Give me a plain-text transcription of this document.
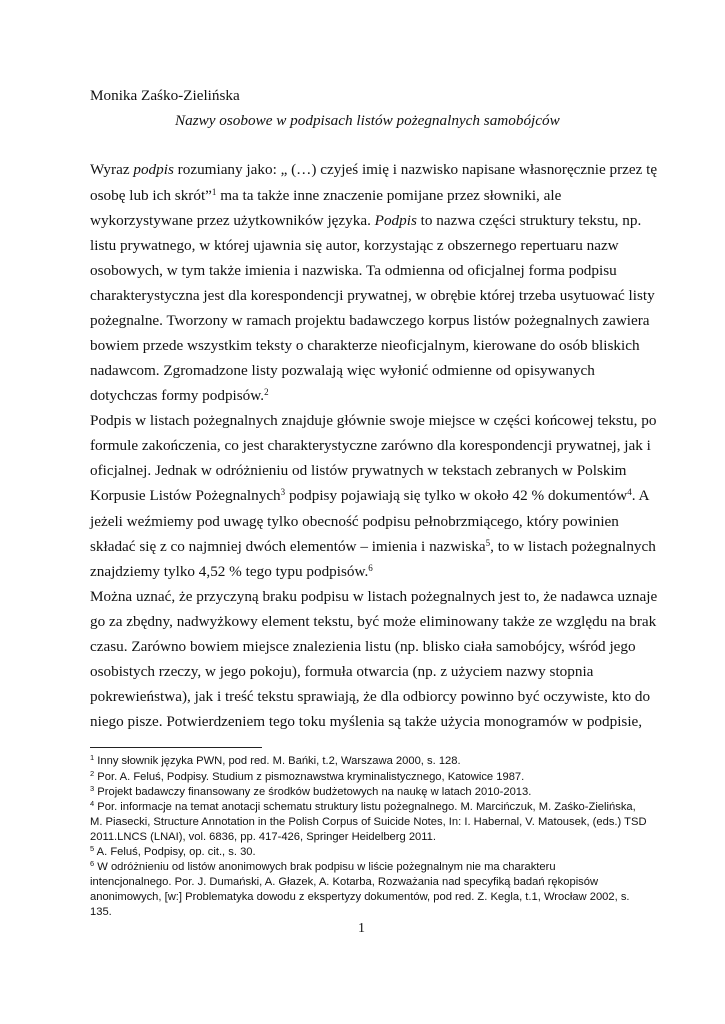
Monika Zaśko-Zielińska
Nazwy osobowe w podpisach listów pożegnalnych samobójców
Wyraz podpis rozumiany jako: „ (…) czyjeś imię i nazwisko napisane własnoręcznie przez tę
osobę lub ich skrót”$^1$ ma ta także inne znaczenie pomijane przez słowniki, ale
wykorzystywane przez użytkowników języka. Podpis to nazwa części struktury tekstu, np.
listu prywatnego, w której ujawnia się autor, korzystając z obszernego repertuaru nazw
osobowych, w tym także imienia i nazwiska. Ta odmienna od oficjalnej forma podpisu
charakterystyczna jest dla korespondencji prywatnej, w obrębie której trzeba usytuować listy
pożegnalne. Tworzony w ramach projektu badawczego korpus listów pożegnalnych zawiera
bowiem przede wszystkim teksty o charakterze nieoficjalnym, kierowane do osób bliskich
nadawcom. Zgromadzone listy pozwalają więc wyłonić odmienne od opisywanych
dotychczas formy podpisów.$^2$
Podpis w listach pożegnalnych znajduje głównie swoje miejsce w części końcowej tekstu, po
formule zakończenia, co jest charakterystyczne zarówno dla korespondencji prywatnej, jak i
oficjalnej. Jednak w odróżnieniu od listów prywatnych w tekstach zebranych w Polskim
Korpusie Listów Pożegnalnych$^3$ podpisy pojawiają się tylko w około 42 % dokumentów$^4$. A
jeżeli weźmiemy pod uwagę tylko obecność podpisu pełnobrzmiącego, który powinien
składać się z co najmniej dwóch elementów – imienia i nazwiska$^5$, to w listach pożegnalnych
znajdziemy tylko 4,52 % tego typu podpisów.$^6$
Można uznać, że przyczyną braku podpisu w listach pożegnalnych jest to, że nadawca uznaje
go za zbędny, nadwyżkowy element tekstu, być może eliminowany także ze względu na brak
czasu. Zarówno bowiem miejsce znalezienia listu (np. blisko ciała samobójcy, wśród jego
osobistych rzeczy, w jego pokoju), formuła otwarcia (np. z użyciem nazwy stopnia
pokrewieństwa), jak i treść tekstu sprawiają, że dla odbiorcy powinno być oczywiste, kto do
niego pisze. Potwierdzeniem tego toku myślenia są także użycia monogramów w podpisie,
$^1$ Inny słownik języka PWN, pod red. M. Bańki, t.2, Warszawa 2000, s. 128.
$^2$ Por. A. Feluś, Podpisy. Studium z pismoznawstwa kryminalistycznego, Katowice 1987.
$^3$ Projekt badawczy finansowany ze środków budżetowych na naukę w latach 2010-2013.
$^4$ Por. informacje na temat anotacji schematu struktury listu pożegnalnego. M. Marcińczuk, M. Zaśko-Zielińska,
M. Piasecki, Structure Annotation in the Polish Corpus of Suicide Notes, In: I. Habernal, V. Matousek, (eds.) TSD
2011.LNCS (LNAI), vol. 6836, pp. 417-426, Springer Heidelberg 2011.
$^5$ A. Feluś, Podpisy, op. cit., s. 30.
$^6$ W odróżnieniu od listów anonimowych brak podpisu w liście pożegnalnym nie ma charakteru
intencjonalnego. Por. J. Dumański, A. Głazek, A. Kotarba, Rozważania nad specyfiką badań rękopisów
anonimowych, [w:] Problematyka dowodu z ekspertyzy dokumentów, pod red. Z. Kegla, t.1, Wrocław 2002, s.
135.
1
